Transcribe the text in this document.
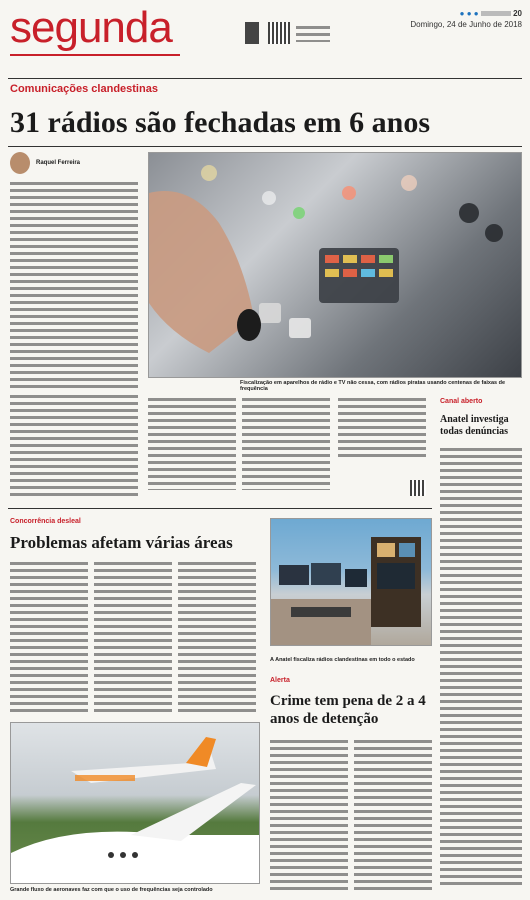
segunda	● ● ●	20
Domingo, 24 de Junho de 2018
Comunicações clandestinas
31 rádios são fechadas em 6 anos
Raquel Ferreira
Fiscalização em aparelhos de rádio e TV não cessa, com rádios piratas usando centenas de faixas de frequência
Canal aberto
Anatel investiga todas denúncias
Concorrência desleal
Problemas afetam várias áreas
A Anatel fiscaliza rádios clandestinas em todo o estado
Alerta
Crime tem pena de 2 a 4 anos de detenção
Grande fluxo de aeronaves faz com que o uso de frequências seja controlado
